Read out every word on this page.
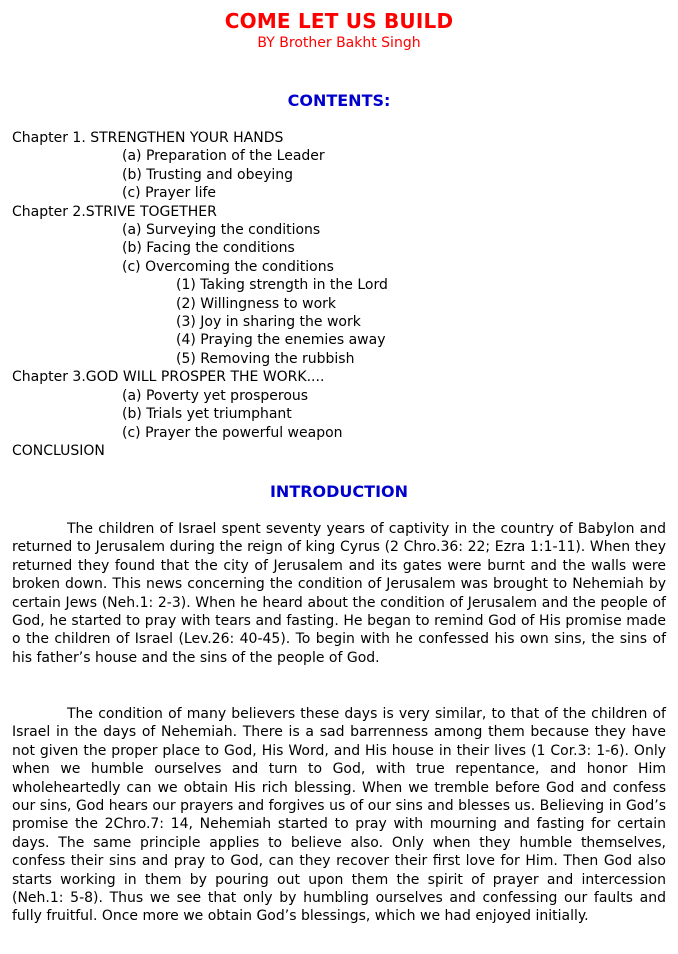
COME LET US BUILD
BY Brother Bakht Singh
CONTENTS:
Chapter 1. STRENGTHEN YOUR HANDS
(a) Preparation of the Leader
(b) Trusting and obeying
(c) Prayer life
Chapter 2.STRIVE TOGETHER
(a) Surveying the conditions
(b) Facing the conditions
(c) Overcoming the conditions
(1) Taking strength in the Lord
(2) Willingness to work
(3) Joy in sharing the work
(4) Praying the enemies away
(5) Removing the rubbish
Chapter 3.GOD WILL PROSPER THE WORK....
(a) Poverty yet prosperous
(b) Trials yet triumphant
(c) Prayer the powerful weapon
CONCLUSION
INTRODUCTION

The children of Israel spent seventy years of captivity in the country of Babylon and returned to Jerusalem during the reign of king Cyrus (2 Chro.36: 22; Ezra 1:1-11). When they returned they found that the city of Jerusalem and its gates were burnt and the walls were broken down. This news concerning the condition of Jerusalem was brought to Nehemiah by certain Jews (Neh.1: 2-3). When he heard about the condition of Jerusalem and the people of God, he started to pray with tears and fasting. He began to remind God of His promise made o the children of Israel (Lev.26: 40-45). To begin with he confessed his own sins, the sins of his father’s house and the sins of the people of God.

The condition of many believers these days is very similar, to that of the children of Israel in the days of Nehemiah. There is a sad barrenness among them because they have not given the proper place to God, His Word, and His house in their lives (1 Cor.3: 1-6). Only when we humble ourselves and turn to God, with true repentance, and honor Him wholeheartedly can we obtain His rich blessing. When we tremble before God and confess our sins, God hears our prayers and forgives us of our sins and blesses us. Believing in God’s promise the 2Chro.7: 14, Nehemiah started to pray with mourning and fasting for certain days. The same principle applies to believe also. Only when they humble themselves, confess their sins and pray to God, can they recover their first love for Him. Then God also starts working in them by pouring out upon them the spirit of prayer and intercession (Neh.1: 5-8). Thus we see that only by humbling ourselves and confessing our faults and fully fruitful. Once more we obtain God’s blessings, which we had enjoyed initially.
